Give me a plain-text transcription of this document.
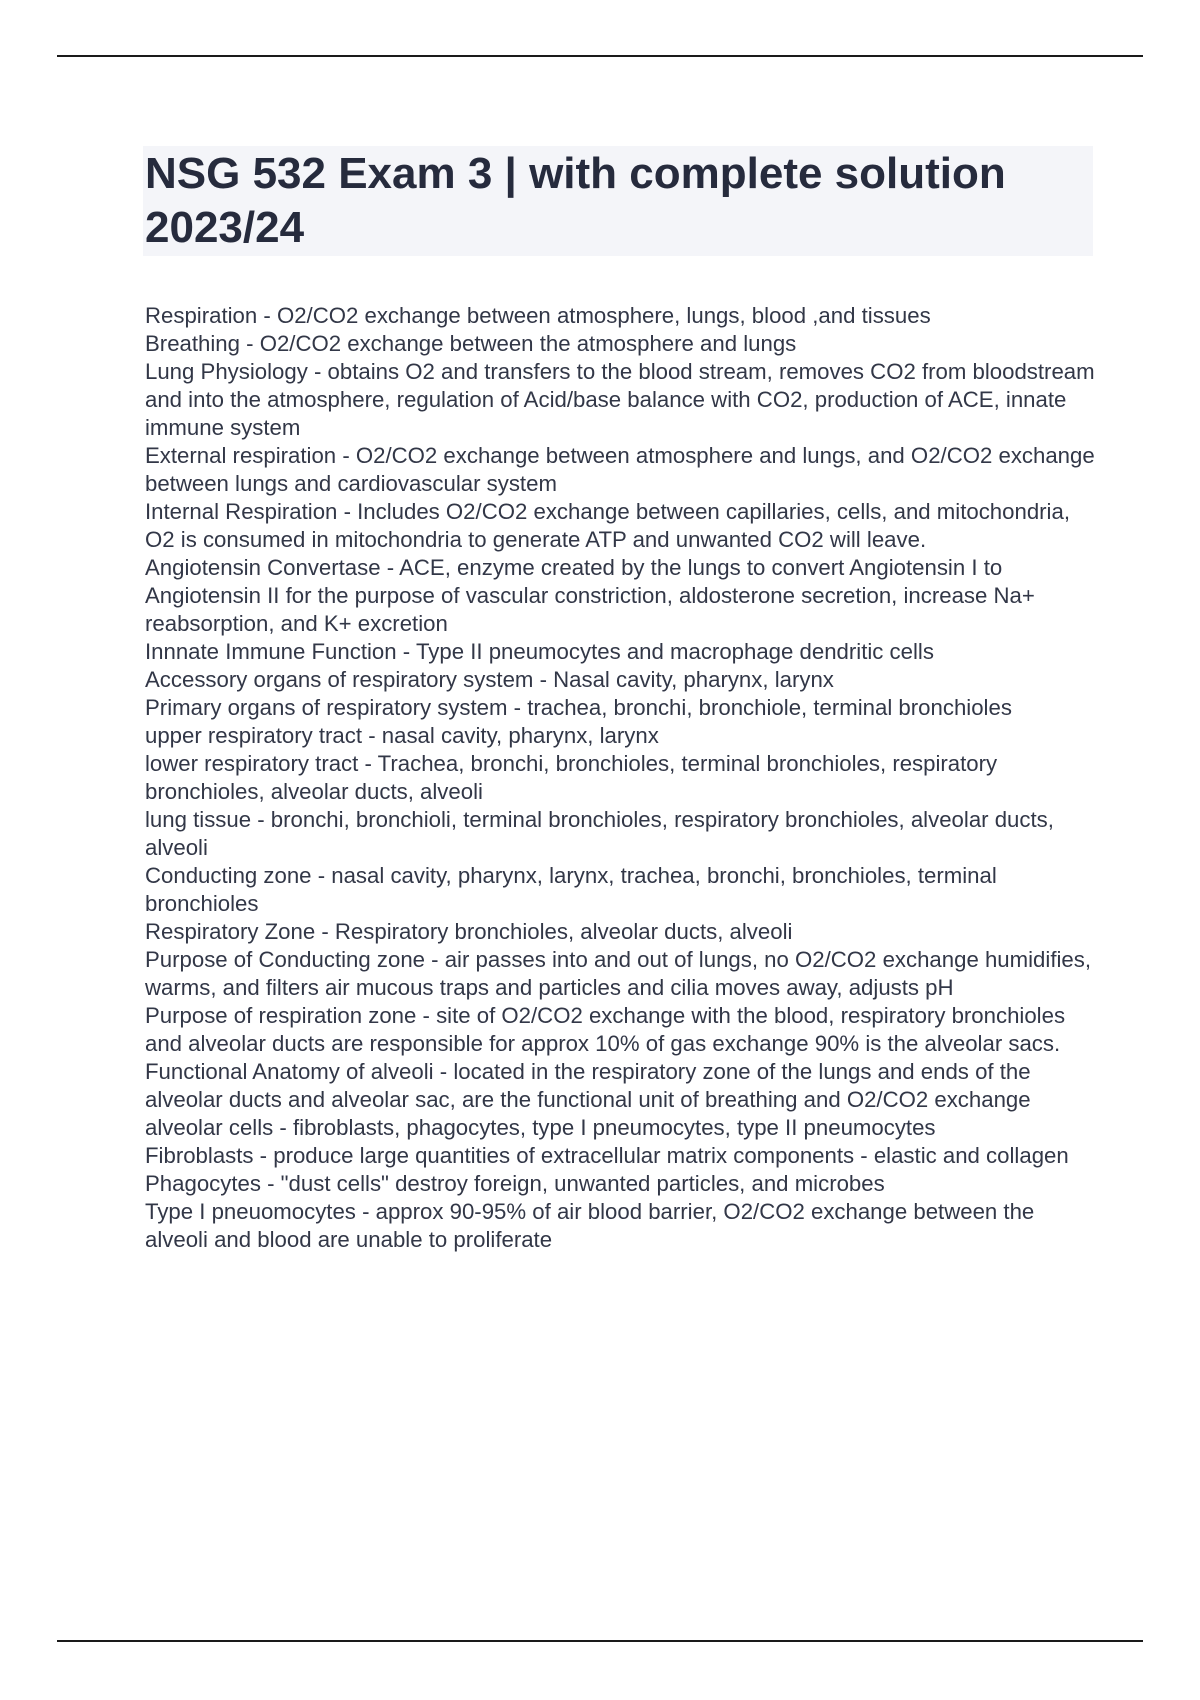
NSG 532 Exam 3 | with complete solution 2023/24

Respiration - O2/CO2 exchange between atmosphere, lungs, blood ,and tissues

Breathing - O2/CO2 exchange between the atmosphere and lungs

Lung Physiology - obtains O2 and transfers to the blood stream, removes CO2 from bloodstream and into the atmosphere, regulation of Acid/base balance with CO2, production of ACE, innate immune system

External respiration - O2/CO2 exchange between atmosphere and lungs, and O2/CO2 exchange between lungs and cardiovascular system

Internal Respiration - Includes O2/CO2 exchange between capillaries, cells, and mitochondria, O2 is consumed in mitochondria to generate ATP and unwanted CO2 will leave.

Angiotensin Convertase - ACE, enzyme created by the lungs to convert Angiotensin I to Angiotensin II for the purpose of vascular constriction, aldosterone secretion, increase Na+ reabsorption, and K+ excretion

Innnate Immune Function - Type II pneumocytes and macrophage dendritic cells

Accessory organs of respiratory system - Nasal cavity, pharynx, larynx

Primary organs of respiratory system - trachea, bronchi, bronchiole, terminal bronchioles

upper respiratory tract - nasal cavity, pharynx, larynx

lower respiratory tract - Trachea, bronchi, bronchioles, terminal bronchioles, respiratory bronchioles, alveolar ducts, alveoli

lung tissue - bronchi, bronchioli, terminal bronchioles, respiratory bronchioles, alveolar ducts, alveoli

Conducting zone - nasal cavity, pharynx, larynx, trachea, bronchi, bronchioles, terminal bronchioles

Respiratory Zone - Respiratory bronchioles, alveolar ducts, alveoli

Purpose of Conducting zone - air passes into and out of lungs, no O2/CO2 exchange humidifies, warms, and filters air mucous traps and particles and cilia moves away, adjusts pH

Purpose of respiration zone - site of O2/CO2 exchange with the blood, respiratory bronchioles and alveolar ducts are responsible for approx 10% of gas exchange 90% is the alveolar sacs.

Functional Anatomy of alveoli - located in the respiratory zone of the lungs and ends of the alveolar ducts and alveolar sac, are the functional unit of breathing and O2/CO2 exchange

alveolar cells - fibroblasts, phagocytes, type I pneumocytes, type II pneumocytes

Fibroblasts - produce large quantities of extracellular matrix components - elastic and collagen

Phagocytes - "dust cells" destroy foreign, unwanted particles, and microbes

Type I pneuomocytes - approx 90-95% of air blood barrier, O2/CO2 exchange between the alveoli and blood are unable to proliferate
